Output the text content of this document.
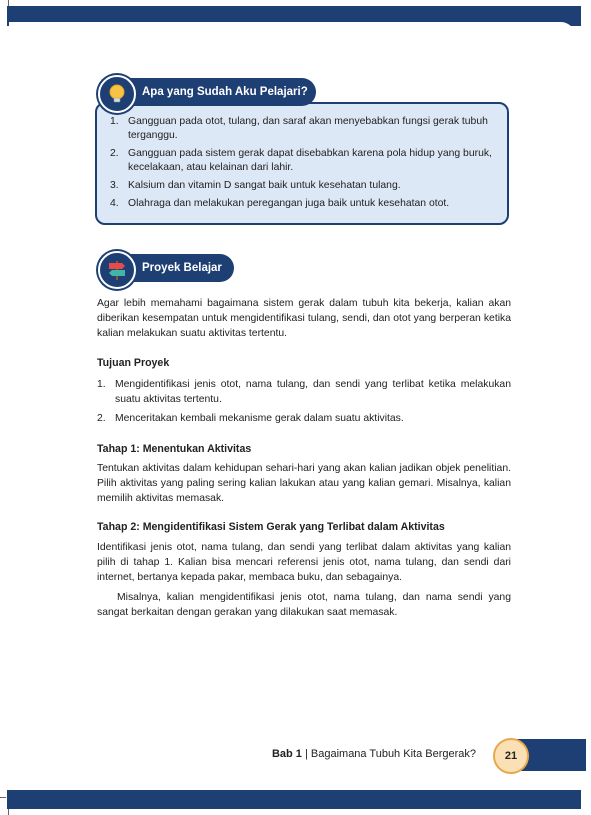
Apa yang Sudah Aku Pelajari?
1. Gangguan pada otot, tulang, dan saraf akan menyebabkan fungsi gerak tubuh terganggu.
2. Gangguan pada sistem gerak dapat disebabkan karena pola hidup yang buruk, kecelakaan, atau kelainan dari lahir.
3. Kalsium dan vitamin D sangat baik untuk kesehatan tulang.
4. Olahraga dan melakukan peregangan juga baik untuk kesehatan otot.
Proyek Belajar

Agar lebih memahami bagaimana sistem gerak dalam tubuh kita bekerja, kalian akan diberikan kesempatan untuk mengidentifikasi tulang, sendi, dan otot yang berperan ketika kalian melakukan suatu aktivitas tertentu.

Tujuan Proyek

1. Mengidentifikasi jenis otot, nama tulang, dan sendi yang terlibat ketika melakukan suatu aktivitas tertentu.
2. Menceritakan kembali mekanisme gerak dalam suatu aktivitas.

Tahap 1: Menentukan Aktivitas

Tentukan aktivitas dalam kehidupan sehari-hari yang akan kalian jadikan objek penelitian. Pilih aktivitas yang paling sering kalian lakukan atau yang kalian gemari. Misalnya, kalian memilih aktivitas memasak.

Tahap 2: Mengidentifikasi Sistem Gerak yang Terlibat dalam Aktivitas

Identifikasi jenis otot, nama tulang, dan sendi yang terlibat dalam aktivitas yang kalian pilih di tahap 1. Kalian bisa mencari referensi jenis otot, nama tulang, dan sendi dari internet, bertanya kepada pakar, membaca buku, dan sebagainya.

Misalnya, kalian mengidentifikasi jenis otot, nama tulang, dan nama sendi yang sangat berkaitan dengan gerakan yang dilakukan saat memasak.

Bab 1 | Bagaimana Tubuh Kita Bergerak?	21
